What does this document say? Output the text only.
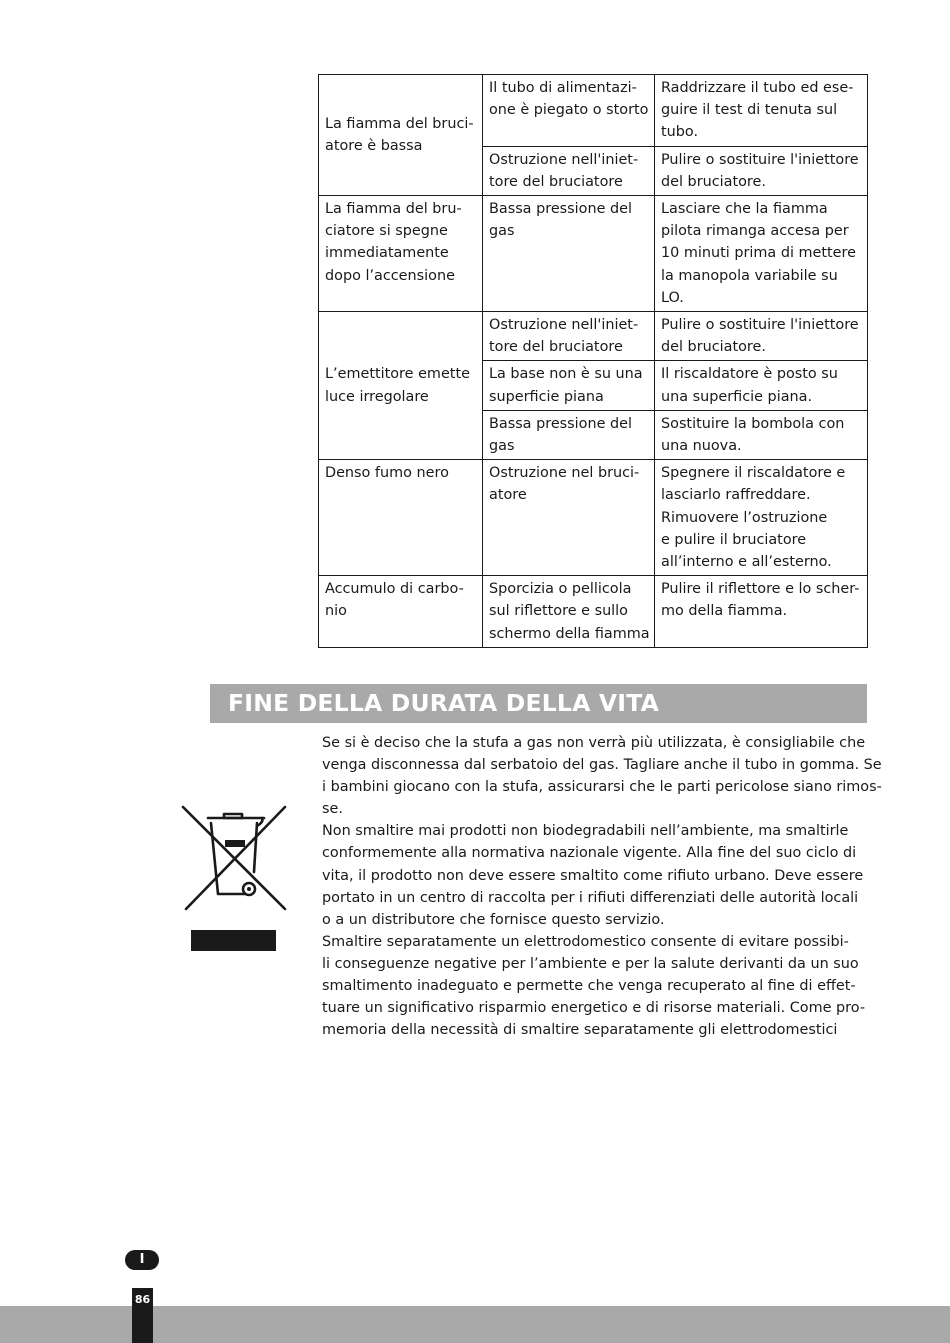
La fiamma del bruci-
atore è bassa	Il tubo di alimentazi-
one è piegato o storto	Raddrizzare il tubo ed ese-
guire il test di tenuta sul
tubo.

	Ostruzione nell'iniet-
tore del bruciatore	Pulire o sostituire l'iniettore
del bruciatore.

La fiamma del bru-
ciatore si spegne
immediatamente
dopo l’accensione	Bassa pressione del
gas	Lasciare che la fiamma
pilota rimanga accesa per
10 minuti prima di mettere
la manopola variabile su
LO.

L’emettitore emette
luce irregolare	Ostruzione nell'iniet-
tore del bruciatore	Pulire o sostituire l'iniettore
del bruciatore.

	La base non è su una
superficie piana	Il riscaldatore è posto su
una superficie piana.

	Bassa pressione del
gas	Sostituire la bombola con
una nuova.

Denso fumo nero	Ostruzione nel bruci-
atore	Spegnere il riscaldatore e
lasciarlo raffreddare.
Rimuovere l’ostruzione
e pulire il bruciatore
all’interno e all’esterno.

Accumulo di carbo-
nio	Sporcizia o pellicola
sul riflettore e sullo
schermo della fiamma	Pulire il riflettore e lo scher-
mo della fiamma.
FINE DELLA DURATA DELLA VITA
Se si è deciso che la stufa a gas non verrà più utilizzata, è consigliabile che
venga disconnessa dal serbatoio del gas. Tagliare anche il tubo in gomma. Se
i bambini giocano con la stufa, assicurarsi che le parti pericolose siano rimos-
se.
Non smaltire mai prodotti non biodegradabili nell’ambiente, ma smaltirle
conformemente alla normativa nazionale vigente. Alla fine del suo ciclo di
vita, il prodotto non deve essere smaltito come rifiuto urbano. Deve essere
portato in un centro di raccolta per i rifiuti differenziati delle autorità locali
o a un distributore che fornisce questo servizio.
Smaltire separatamente un elettrodomestico consente di evitare possibi-
li conseguenze negative per l’ambiente e per la salute derivanti da un suo
smaltimento inadeguato e permette che venga recuperato al fine di effet-
tuare un significativo risparmio energetico e di risorse materiali. Come pro-
memoria della necessità di smaltire separatamente gli elettrodomestici
I
86
